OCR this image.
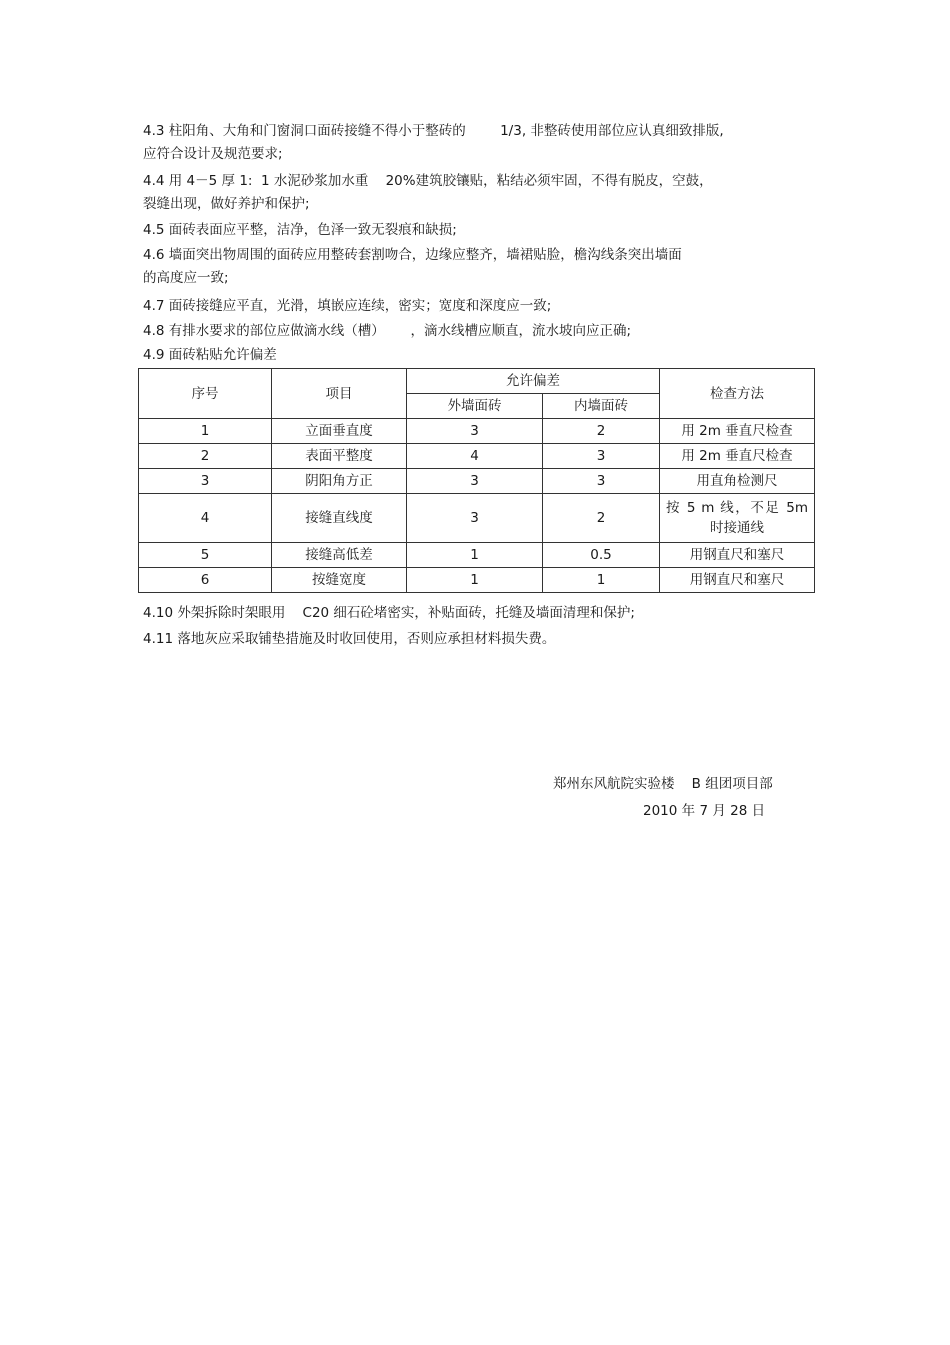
4.3 柱阳角、大角和门窗洞口面砖接缝不得小于整砖的        1/3, 非整砖使用部位应认真细致排版,
应符合设计及规范要求;
4.4 用 4－5 厚 1:  1 水泥砂浆加水重    20%建筑胶镶贴，粘结必须牢固，不得有脱皮，空鼓，
裂缝出现，做好养护和保护;
4.5 面砖表面应平整，洁净，色泽一致无裂痕和缺损;
4.6 墙面突出物周围的面砖应用整砖套割吻合，边缘应整齐，墙裙贴脸，檐沟线条突出墙面
的高度应一致;
4.7 面砖接缝应平直，光滑，填嵌应连续，密实；宽度和深度应一致;
4.8 有排水要求的部位应做滴水线（槽）      ，滴水线槽应顺直，流水坡向应正确;
4.9 面砖粘贴允许偏差
序号	项目	允许偏差		检查方法
		外墙面砖	内墙面砖	
1	立面垂直度	3	2	用 2m 垂直尺检查
2	表面平整度	4	3	用 2m 垂直尺检查
3	阴阳角方正	3	3	用直角检测尺
4	接缝直线度	3	2	按 5 m 线，不足 5m 时接通线

5	接缝高低差	1	0.5	用钢直尺和塞尺
6	按缝宽度	1	1	用钢直尺和塞尺
4.10 外架拆除时架眼用    C20 细石砼堵密实，补贴面砖，托缝及墙面清理和保护;
4.11 落地灰应采取铺垫措施及时收回使用，否则应承担材料损失费。
郑州东风航院实验楼    B 组团项目部
2010 年 7 月 28 日
